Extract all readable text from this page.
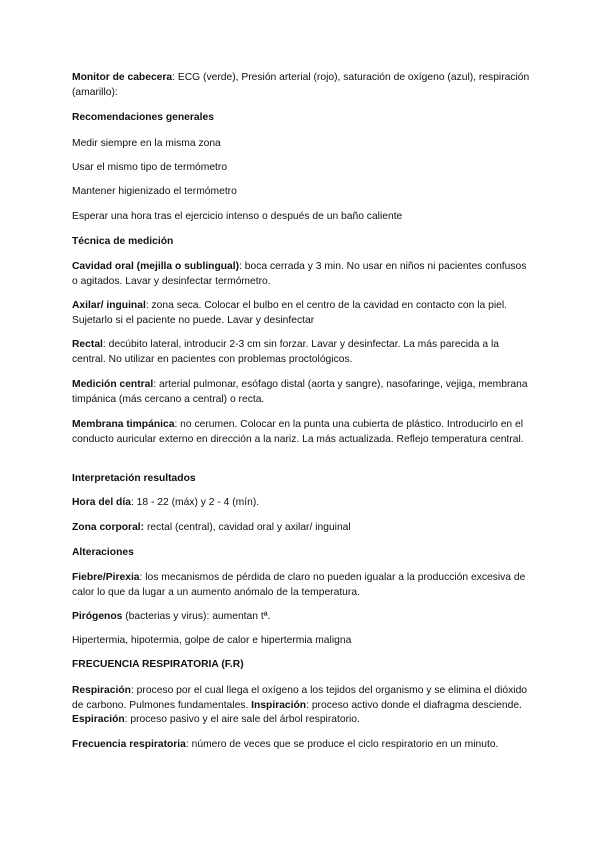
Monitor de cabecera: ECG (verde), Presión arterial (rojo), saturación de oxígeno (azul), respiración (amarillo):

Recomendaciones generales

Medir siempre en la misma zona

Usar el mismo tipo de termómetro

Mantener higienizado el termómetro

Esperar una hora tras el ejercicio intenso o después de un baño caliente

Técnica de medición

Cavidad oral (mejilla o sublingual): boca cerrada y 3 min. No usar en niños ni pacientes confusos o agitados. Lavar y desinfectar termómetro.

Axilar/ inguinal: zona seca. Colocar el bulbo en el centro de la cavidad en contacto con la piel. Sujetarlo si el paciente no puede. Lavar y desinfectar

Rectal: decúbito lateral, introducir 2-3 cm sin forzar. Lavar y desinfectar. La más parecida a la central. No utilizar en pacientes con problemas proctológicos.

Medición central: arterial pulmonar, esófago distal (aorta y sangre), nasofaringe, vejiga, membrana timpánica (más cercano a central) o recta.

Membrana timpánica: no cerumen. Colocar en la punta una cubierta de plástico. Introducirlo en el conducto auricular externo en dirección a la nariz. La más actualizada. Reflejo temperatura central.

Interpretación resultados

Hora del día: 18 - 22 (máx) y 2 - 4 (mín).

Zona corporal: rectal (central), cavidad oral y axilar/ inguinal

Alteraciones

Fiebre/Pirexia: los mecanismos de pérdida de claro no pueden igualar a la producción excesiva de calor lo que da lugar a un aumento anómalo de la temperatura.

Pirógenos (bacterias y virus): aumentan tª.

Hipertermia, hipotermia, golpe de calor e hipertermia maligna

FRECUENCIA RESPIRATORIA (F.R)

Respiración: proceso por el cual llega el oxígeno a los tejidos del organismo y se elimina el dióxido de carbono. Pulmones fundamentales. Inspiración: proceso activo donde el diafragma desciende. Espiración: proceso pasivo y el aire sale del árbol respiratorio.

Frecuencia respiratoria: número de veces que se produce el ciclo respiratorio en un minuto.
